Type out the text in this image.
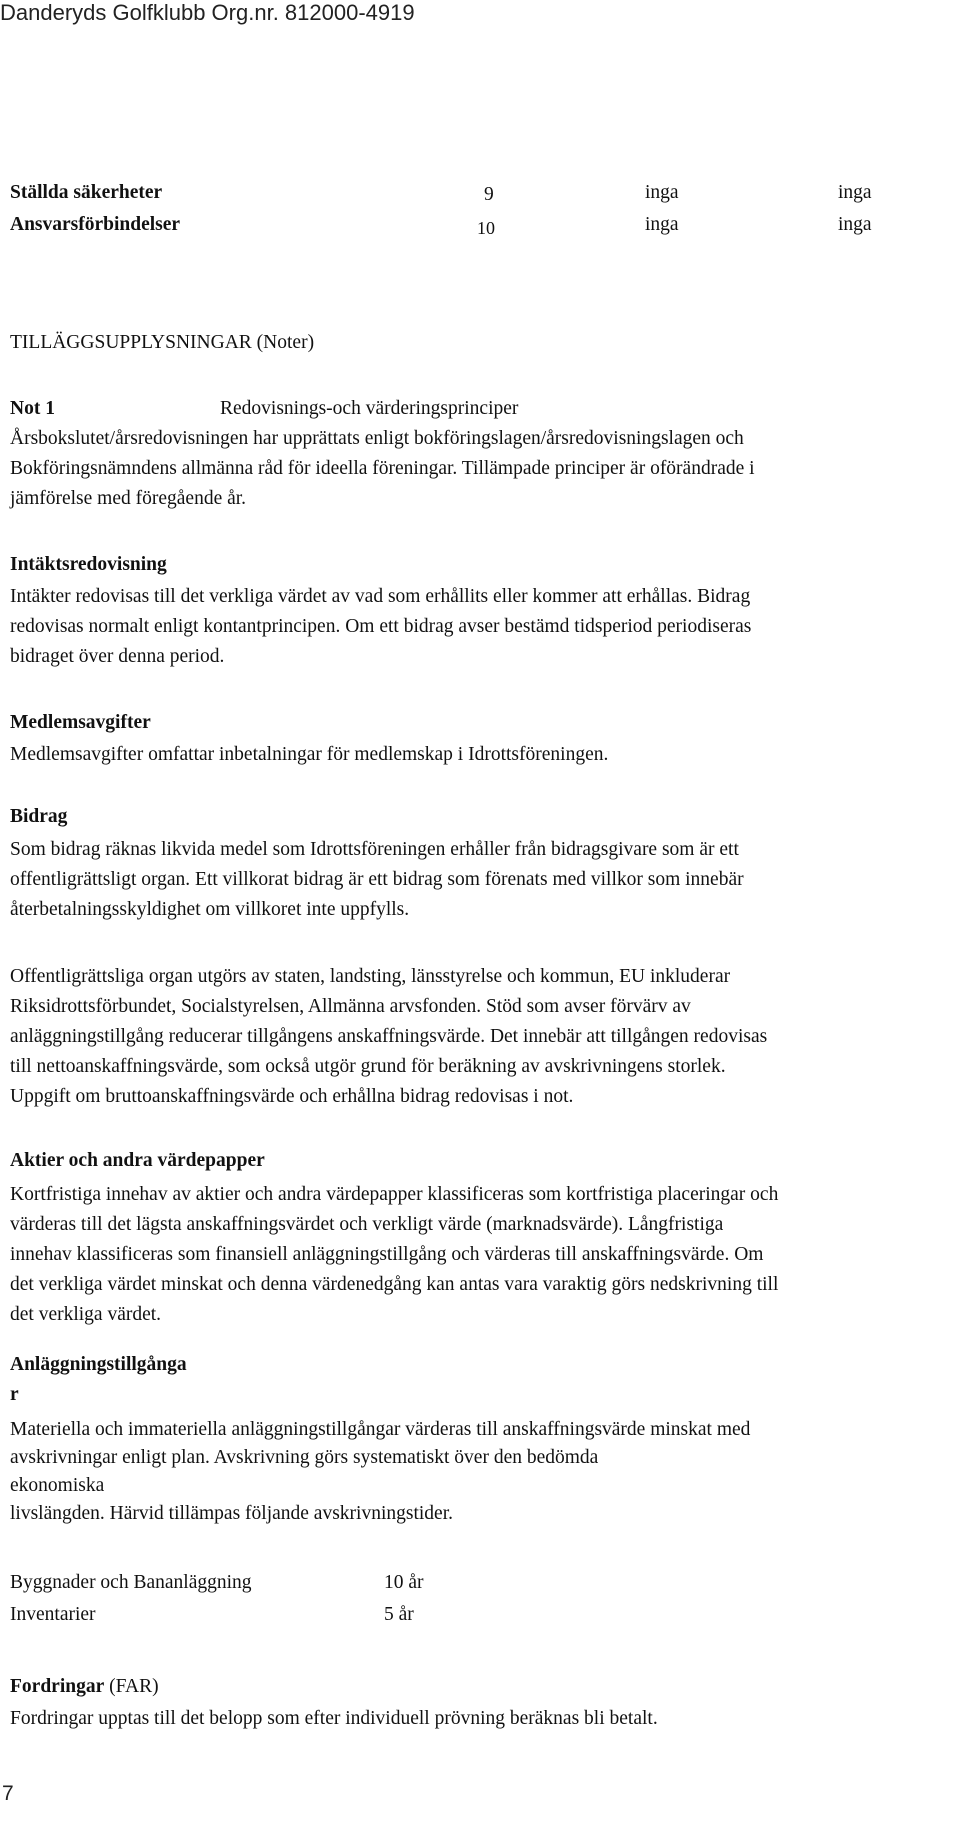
Danderyds Golfklubb Org.nr. 812000-4919
Ställda säkerheter	9	inga	inga
Ansvarsförbindelser	10	inga	inga
TILLÄGGSUPPLYSNINGAR (Noter)
Not 1	Redovisnings-och värderingsprinciper

Årsbokslutet/årsredovisningen har upprättats enligt bokföringslagen/årsredovisningslagen och

Bokföringsnämndens allmänna råd för ideella föreningar. Tillämpade principer är oförändrade i

jämförelse med föregående år.

Intäktsredovisning

Intäkter redovisas till det verkliga värdet av vad som erhållits eller kommer att erhållas. Bidrag

redovisas normalt enligt kontantprincipen. Om ett bidrag avser bestämd tidsperiod periodiseras

bidraget över denna period.

Medlemsavgifter

Medlemsavgifter omfattar inbetalningar för medlemskap i Idrottsföreningen.

Bidrag

Som bidrag räknas likvida medel som Idrottsföreningen erhåller från bidragsgivare som är ett

offentligrättsligt organ. Ett villkorat bidrag är ett bidrag som förenats med villkor som innebär

återbetalningsskyldighet om villkoret inte uppfylls.

Offentligrättsliga organ utgörs av staten, landsting, länsstyrelse och kommun, EU inkluderar

Riksidrottsförbundet, Socialstyrelsen, Allmänna arvsfonden. Stöd som avser förvärv av

anläggningstillgång reducerar tillgångens anskaffningsvärde. Det innebär att tillgången redovisas

till nettoanskaffningsvärde, som också utgör grund för beräkning av avskrivningens storlek.

Uppgift om bruttoanskaffningsvärde och erhållna bidrag redovisas i not.

Aktier och andra värdepapper

Kortfristiga innehav av aktier och andra värdepapper klassificeras som kortfristiga placeringar och

värderas till det lägsta anskaffningsvärdet och verkligt värde (marknadsvärde). Långfristiga

innehav klassificeras som finansiell anläggningstillgång och värderas till anskaffningsvärde. Om

det verkliga värdet minskat och denna värdenedgång kan antas vara varaktig görs nedskrivning till

det verkliga värdet.

Anläggningstillgånga
r

Materiella och immateriella anläggningstillgångar värderas till anskaffningsvärde minskat med

avskrivningar enligt plan. Avskrivning görs systematiskt över den bedömda

ekonomiska

livslängden. Härvid tillämpas följande avskrivningstider.

Byggnader och Bananläggning	10 år
Inventarier	5 år
Fordringar (FAR)

Fordringar upptas till det belopp som efter individuell prövning beräknas bli betalt.

7
